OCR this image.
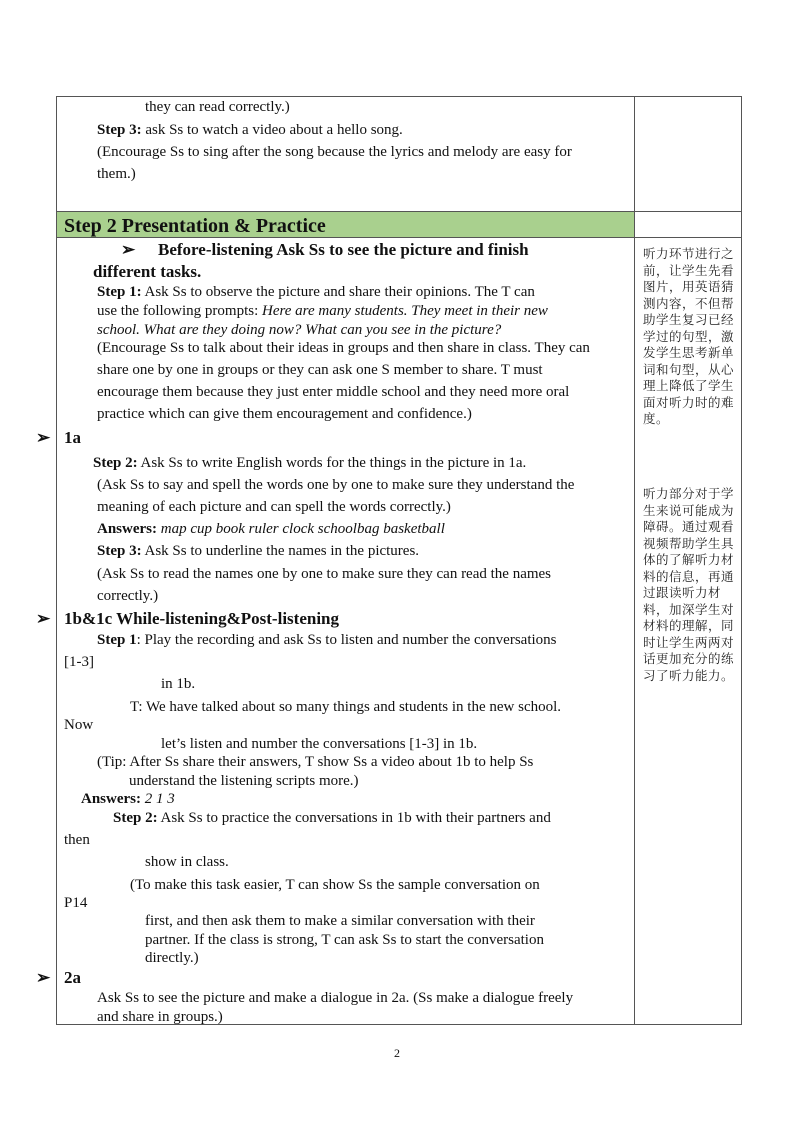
they can read correctly.)
Step 3: ask Ss to watch a video about a hello song.
(Encourage Ss to sing after the song because the lyrics and melody are easy for
them.)
Step 2 Presentation & Practice
➢ Before-listening Ask Ss to see the picture and finish
different tasks.
Step 1: Ask Ss to observe the picture and share their opinions. The T can
use the following prompts: Here are many students. They meet in their new
school. What are they doing now? What can you see in the picture?
(Encourage Ss to talk about their ideas in groups and then share in class. They can
share one by one in groups or they can ask one S member to share. T must
encourage them because they just enter middle school and they need more oral
practice which can give them encouragement and confidence.)
➢ 1a
Step 2: Ask Ss to write English words for the things in the picture in 1a.
(Ask Ss to say and spell the words one by one to make sure they understand the
meaning of each picture and can spell the words correctly.)
Answers: map cup book ruler clock schoolbag basketball
Step 3: Ask Ss to underline the names in the pictures.
(Ask Ss to read the names one by one to make sure they can read the names
correctly.)
➢ 1b&1c While-listening&Post-listening
Step 1: Play the recording and ask Ss to listen and number the conversations
[1-3]
in 1b.
T: We have talked about so many things and students in the new school.
Now
let’s listen and number the conversations [1-3] in 1b.
(Tip: After Ss share their answers, T show Ss a video about 1b to help Ss
understand the listening scripts more.)
Answers: 2 1 3
Step 2: Ask Ss to practice the conversations in 1b with their partners and
then
show in class.
(To make this task easier, T can show Ss the sample conversation on
P14
first, and then ask them to make a similar conversation with their
partner. If the class is strong, T can ask Ss to start the conversation
directly.)
➢ 2a
Ask Ss to see the picture and make a dialogue in 2a. (Ss make a dialogue freely
and share in groups.)
听力环节进行之前，让学生先看图片，用英语猜测内容，不但帮助学生复习已经学过的句型，激发学生思考新单词和句型，从心理上降低了学生面对听力时的难度。
听力部分对于学生来说可能成为障碍。通过观看视频帮助学生具体的了解听力材料的信息，再通过跟读听力材料，加深学生对材料的理解，同时让学生两两对话更加充分的练习了听力能力。
2
